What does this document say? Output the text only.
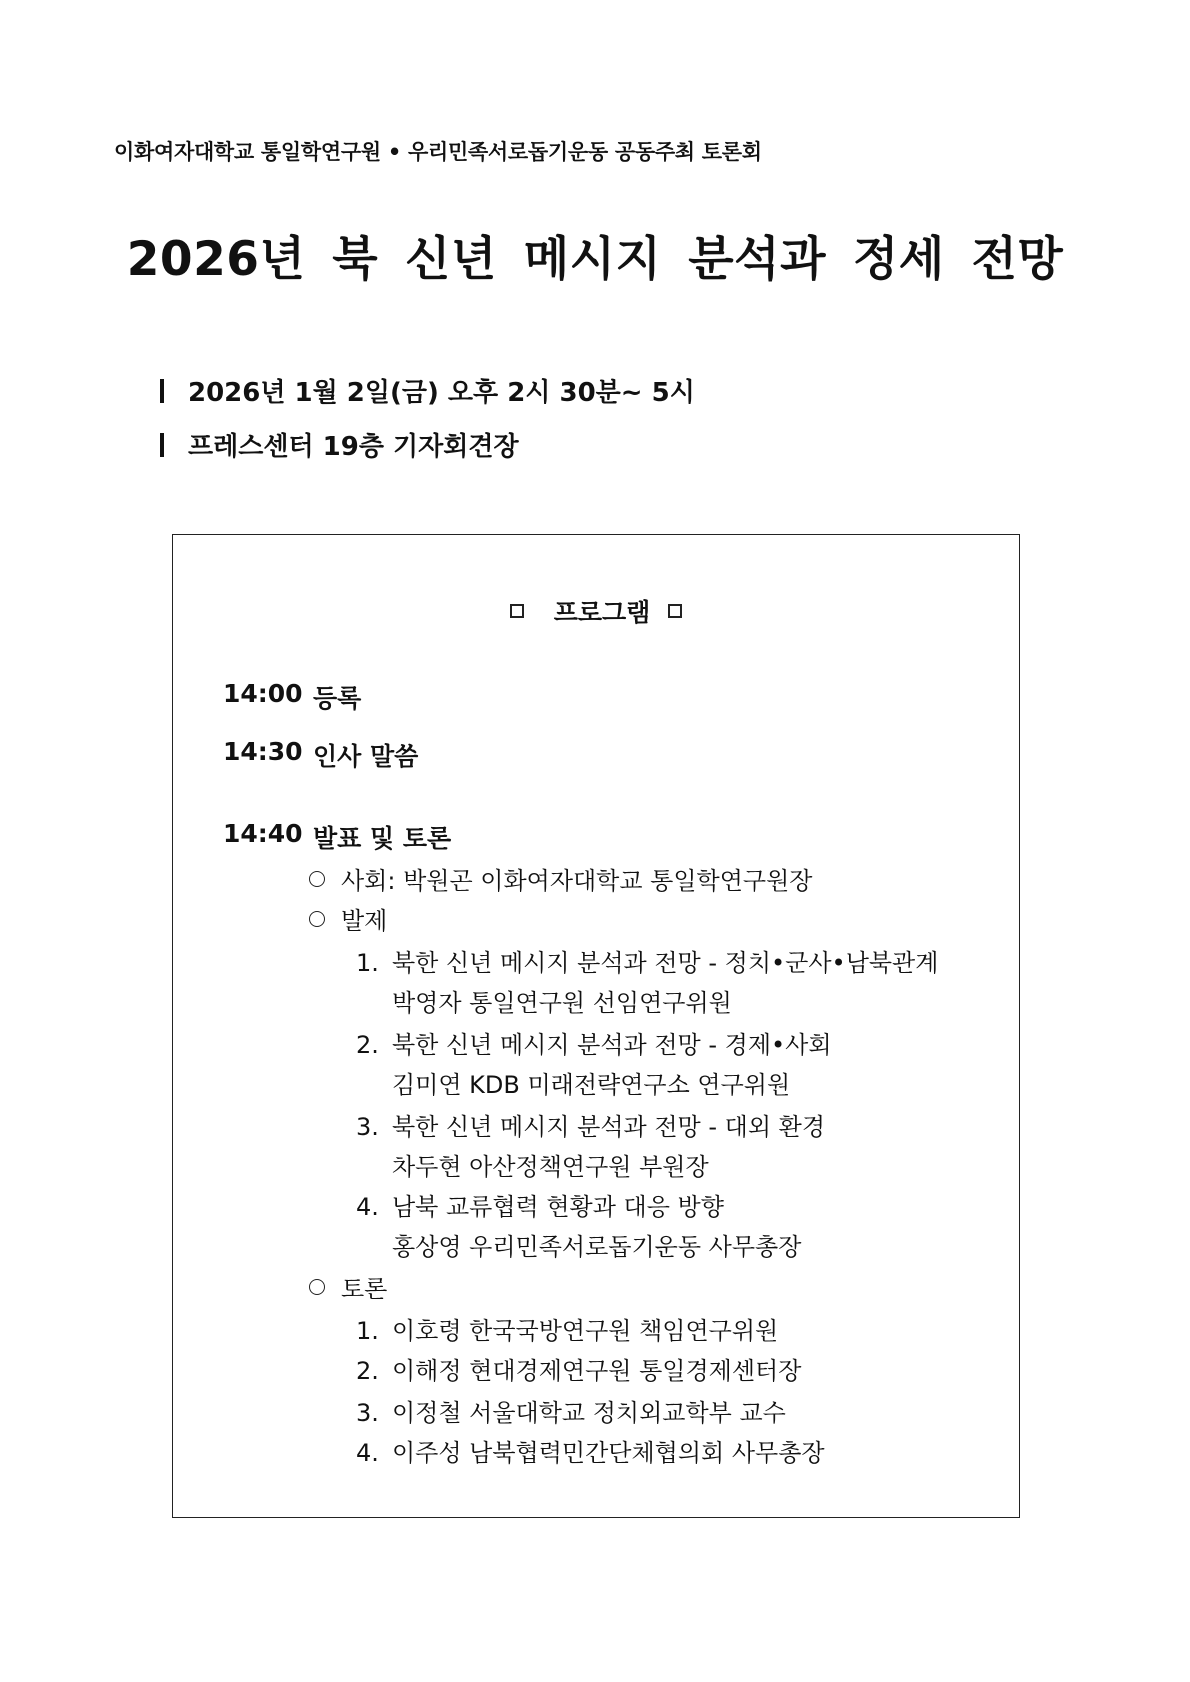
이화여자대학교 통일학연구원 • 우리민족서로돕기운동 공동주최 토론회
2026년 북 신년 메시지 분석과 정세 전망
2026년 1월 2일(금) 오후 2시 30분~ 5시
프레스센터 19층 기자회견장
프로그램
14:00 등록
14:30 인사 말씀
14:40 발표 및 토론
사회: 박원곤 이화여자대학교 통일학연구원장
발제
1. 북한 신년 메시지 분석과 전망 - 정치•군사•남북관계
박영자 통일연구원 선임연구위원
2. 북한 신년 메시지 분석과 전망 - 경제•사회
김미연 KDB 미래전략연구소 연구위원
3. 북한 신년 메시지 분석과 전망 - 대외 환경
차두현 아산정책연구원 부원장
4. 남북 교류협력 현황과 대응 방향
홍상영 우리민족서로돕기운동 사무총장
토론
1. 이호령 한국국방연구원 책임연구위원
2. 이해정 현대경제연구원 통일경제센터장
3. 이정철 서울대학교 정치외교학부 교수
4. 이주성 남북협력민간단체협의회 사무총장
